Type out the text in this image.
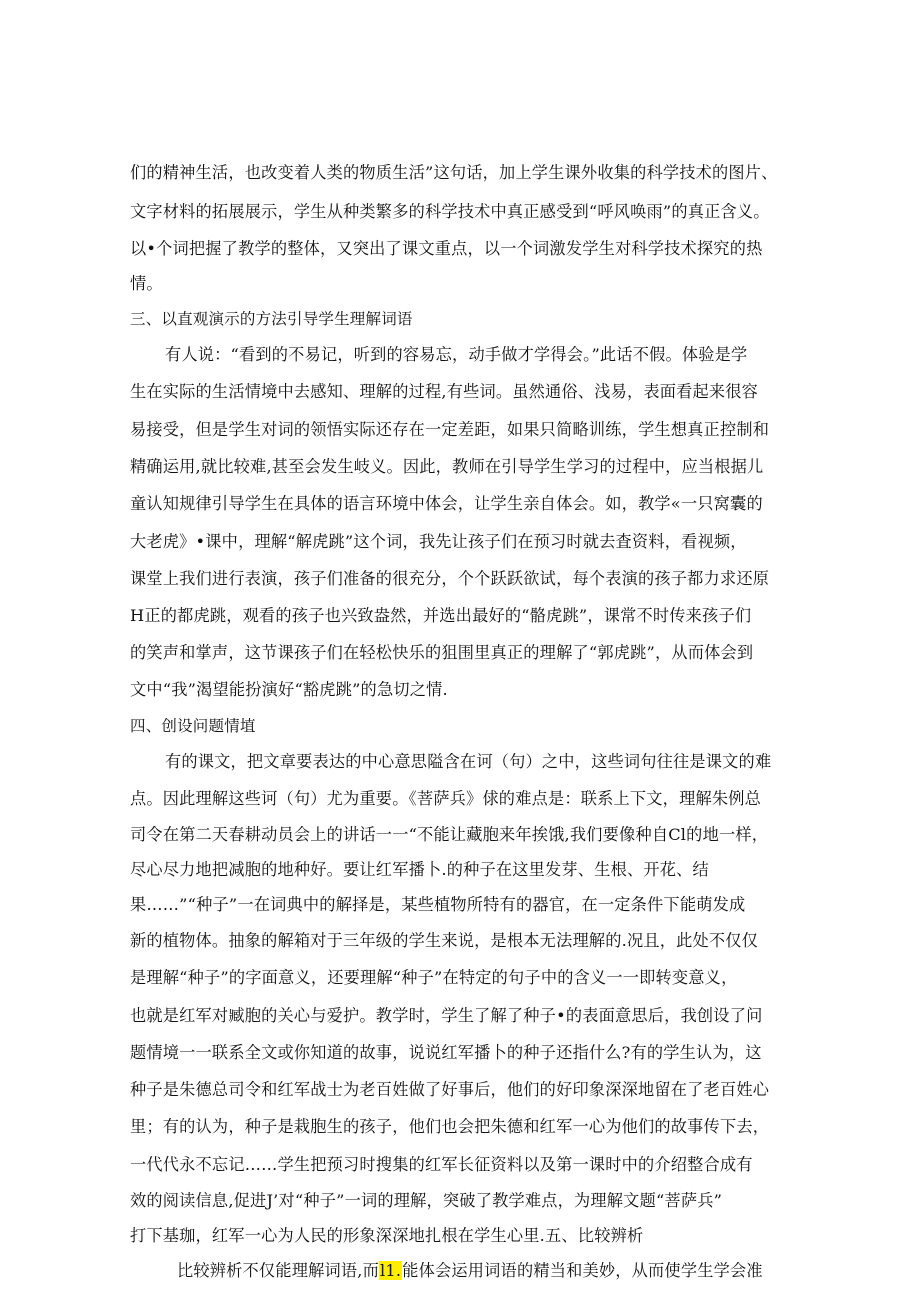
们的精神生活，也改变着人类的物质生活”这句话，加上学生课外收集的科学技术的图片、
文字材料的拓展展示，学生从种类繁多的科学技术中真正感受到“呼风唤雨”的真正含义。
以•个词把握了教学的整体，又突出了课文重点，以一个词激发学生对科学技术探究的热
情。
三、以直观演示的方法引导学生理解词语
有人说：“看到的不易记，听到的容易忘，动手做才学得会。”此话不假。体验是学
生在实际的生活情境中去感知、理解的过程,有些词。虽然通俗、浅易，表面看起来很容
易接受，但是学生对词的领悟实际还存在一定差距，如果只简略训练，学生想真正控制和
精确运用,就比较难,甚至会发生岐义。因此，教师在引导学生学习的过程中，应当根据儿
童认知规律引导学生在具体的语言环境中体会，让学生亲自体会。如，教学«一只窝囊的
大老虎》•课中，理解“解虎跳”这个词，我先让孩子们在预习时就去査资料，看视频，
课堂上我们进行表演，孩子们准备的很充分，个个跃跃欲试，每个表演的孩子都力求还原
H正的都虎跳，观看的孩子也兴致盎然，并选出最好的“骼虎跳”，课常不时传来孩子们
的笑声和掌声，这节课孩子们在轻松快乐的狙围里真正的理解了“郭虎跳”，从而体会到
文中“我”渴望能扮演好“豁虎跳”的急切之情.
四、创设问题情埴
有的课文，把文章要表达的中心意思隘含在诃（句）之中，这些词句往往是课文的难
点。因此理解这些诃（句）尤为重要。《菩萨兵》俅的难点是：联系上下文，理解朱例总
司令在第二天春耕动员会上的讲话一一“不能让藏胞来年挨饿,我们要像种自Cl的地一样，
尽心尽力地把减胞的地种好。要让红军播卜.的种子在这里发芽、生根、开花、结
果……”“种子”一在词典中的解择是，某些植物所特有的器官，在一定条件下能萌发成
新的植物体。抽象的解箱对于三年级的学生来说，是根本无法理解的.况且，此处不仅仅
是理解“种子”的字面意义，还要理解“种子”在特定的句子中的含义一一即转变意义，
也就是红军对臧胞的关心与爱护。教学时，学生了解了种子•的表面意思后，我创设了问
题情境一一联系全文或你知道的故事，说说红军播卜的种子还指什么?有的学生认为，这
种子是朱德总司令和红军战士为老百姓做了好事后，他们的好印象深深地留在了老百姓心
里；有的认为，种子是栽胞生的孩子，他们也会把朱德和红军一心为他们的故事传下去，
一代代永不忘记……学生把预习时搜集的红军长征资料以及第一课时中的介绍整合成有
效的阅读信息,促进J’对“种子”一词的理解，突破了教学难点，为理解文题“菩萨兵”
打下基珈，红军一心为人民的形象深深地扎根在学生心里.五、比较辨析
比较辨析不仅能理解词语,而l1.能体会运用词语的精当和美妙，从而使学生学会准
